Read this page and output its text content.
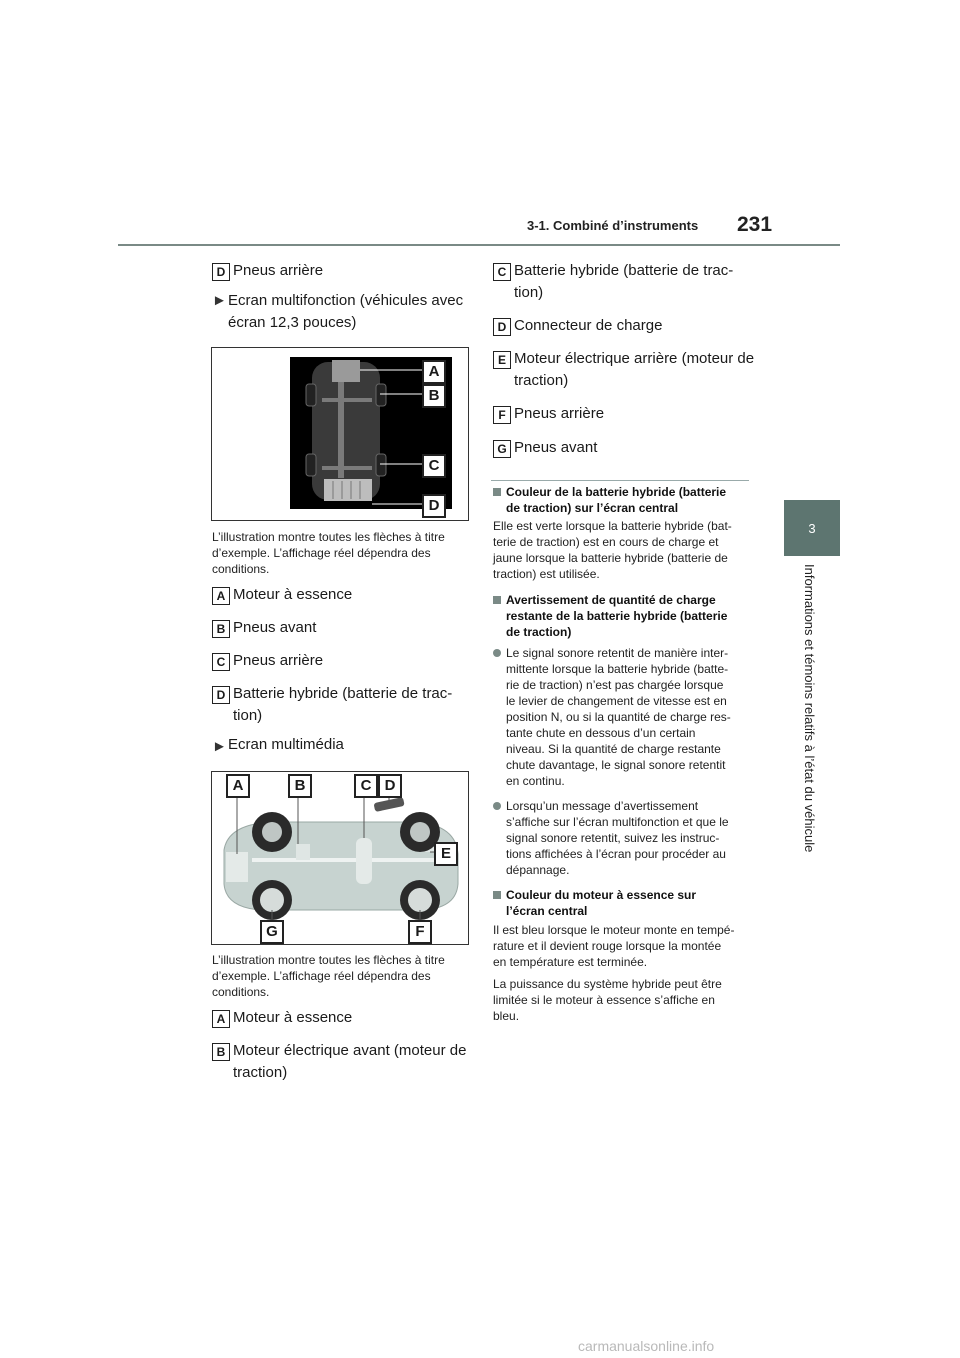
3-1. Combiné d’instruments 231
3
Informations et témoins relatifs à l’état du véhicule
D Pneus arrière
► Ecran multifonction (véhicules avec
écran 12,3 pouces)
A
B
C
D
L’illustration montre toutes les flèches à titre
d’exemple. L’affichage réel dépendra des
conditions.
A Moteur à essence
B Pneus avant
C Pneus arrière
D Batterie hybride (batterie de trac-
tion)
► Ecran multimédia
A	B	C D
E
F
G
L’illustration montre toutes les flèches à titre
d’exemple. L’affichage réel dépendra des
conditions.
A Moteur à essence
B Moteur électrique avant (moteur de
traction)
C Batterie hybride (batterie de trac-
tion)
D Connecteur de charge
E Moteur électrique arrière (moteur de
traction)
F Pneus arrière
G Pneus avant
Couleur de la batterie hybride (batterie
de traction) sur l’écran central
Elle est verte lorsque la batterie hybride (bat-
terie de traction) est en cours de charge et
jaune lorsque la batterie hybride (batterie de
traction) est utilisée.
Avertissement de quantité de charge
restante de la batterie hybride (batterie
de traction)
Le signal sonore retentit de manière inter-
mittente lorsque la batterie hybride (batte-
rie de traction) n’est pas chargée lorsque
le levier de changement de vitesse est en
position N, ou si la quantité de charge res-
tante chute en dessous d’un certain
niveau. Si la quantité de charge restante
chute davantage, le signal sonore retentit
en continu.
Lorsqu’un message d’avertissement
s’affiche sur l’écran multifonction et que le
signal sonore retentit, suivez les instruc-
tions affichées à l’écran pour procéder au
dépannage.
Couleur du moteur à essence sur
l’écran central
Il est bleu lorsque le moteur monte en tempé-
rature et il devient rouge lorsque la montée
en température est terminée.
La puissance du système hybride peut être
limitée si le moteur à essence s’affiche en
bleu.
carmanualsonline.info
